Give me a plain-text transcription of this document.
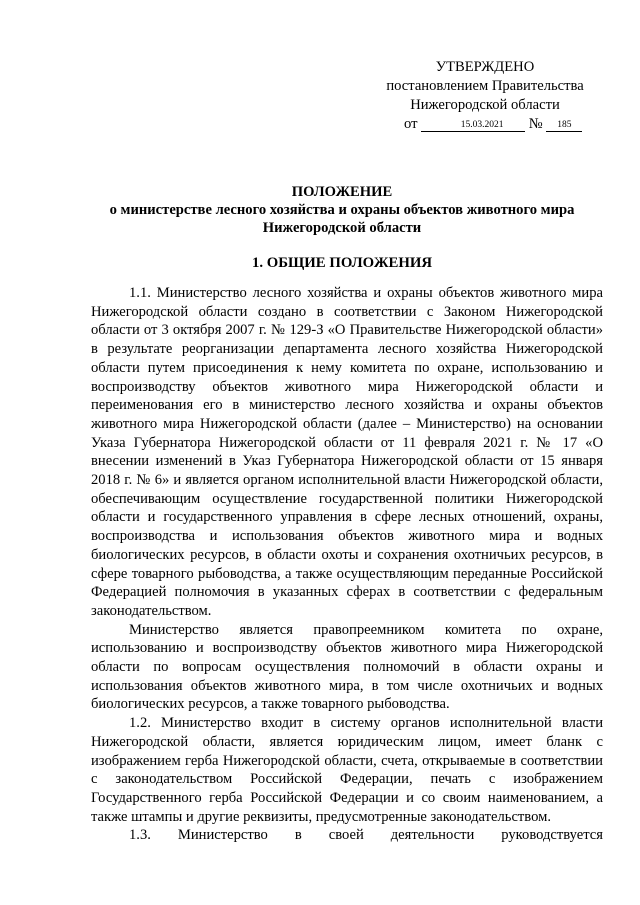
УТВЕРЖДЕНО
постановлением Правительства
Нижегородской области
от	15.03.2021 № 185
ПОЛОЖЕНИЕ
о министерстве лесного хозяйства и охраны объектов животного мира
Нижегородской области
1. ОБЩИЕ ПОЛОЖЕНИЯ

1.1. Министерство лесного хозяйства и охраны объектов животного мира Нижегородской области создано в соответствии с Законом Нижегородской области от 3 октября 2007 г. № 129-З «О Правительстве Нижегородской области» в результате реорганизации департамента лесного хозяйства Нижегородской области путем присоединения к нему комитета по охране, использованию и воспроизводству объектов животного мира Нижегородской области и переименования его в министерство лесного хозяйства и охраны объектов животного мира Нижегородской области (далее – Министерство) на основании Указа Губернатора Нижегородской области от 11 февраля 2021 г. № 17 «О внесении изменений в Указ Губернатора Нижегородской области от 15 января 2018 г. № 6» и является органом исполнительной власти Нижегородской области, обеспечивающим осуществление государственной политики Нижегородской области и государственного управления в сфере лесных отношений, охраны, воспроизводства и использования объектов животного мира и водных биологических ресурсов, в области охоты и сохранения охотничьих ресурсов, в сфере товарного рыбоводства, а также осуществляющим переданные Российской Федерацией полномочия в указанных сферах в соответствии с федеральным законодательством.

Министерство является правопреемником комитета по охране, использованию и воспроизводству объектов животного мира Нижегородской области по вопросам осуществления полномочий в области охраны и использования объектов животного мира, в том числе охотничьих и водных биологических ресурсов, а также товарного рыбоводства.

1.2. Министерство входит в систему органов исполнительной власти Нижегородской области, является юридическим лицом, имеет бланк с изображением герба Нижегородской области, счета, открываемые в соответствии с законодательством Российской Федерации, печать с изображением Государственного герба Российской Федерации и со своим наименованием, а также штампы и другие реквизиты, предусмотренные законодательством.

1.3. Министерство в своей деятельности руководствуется
